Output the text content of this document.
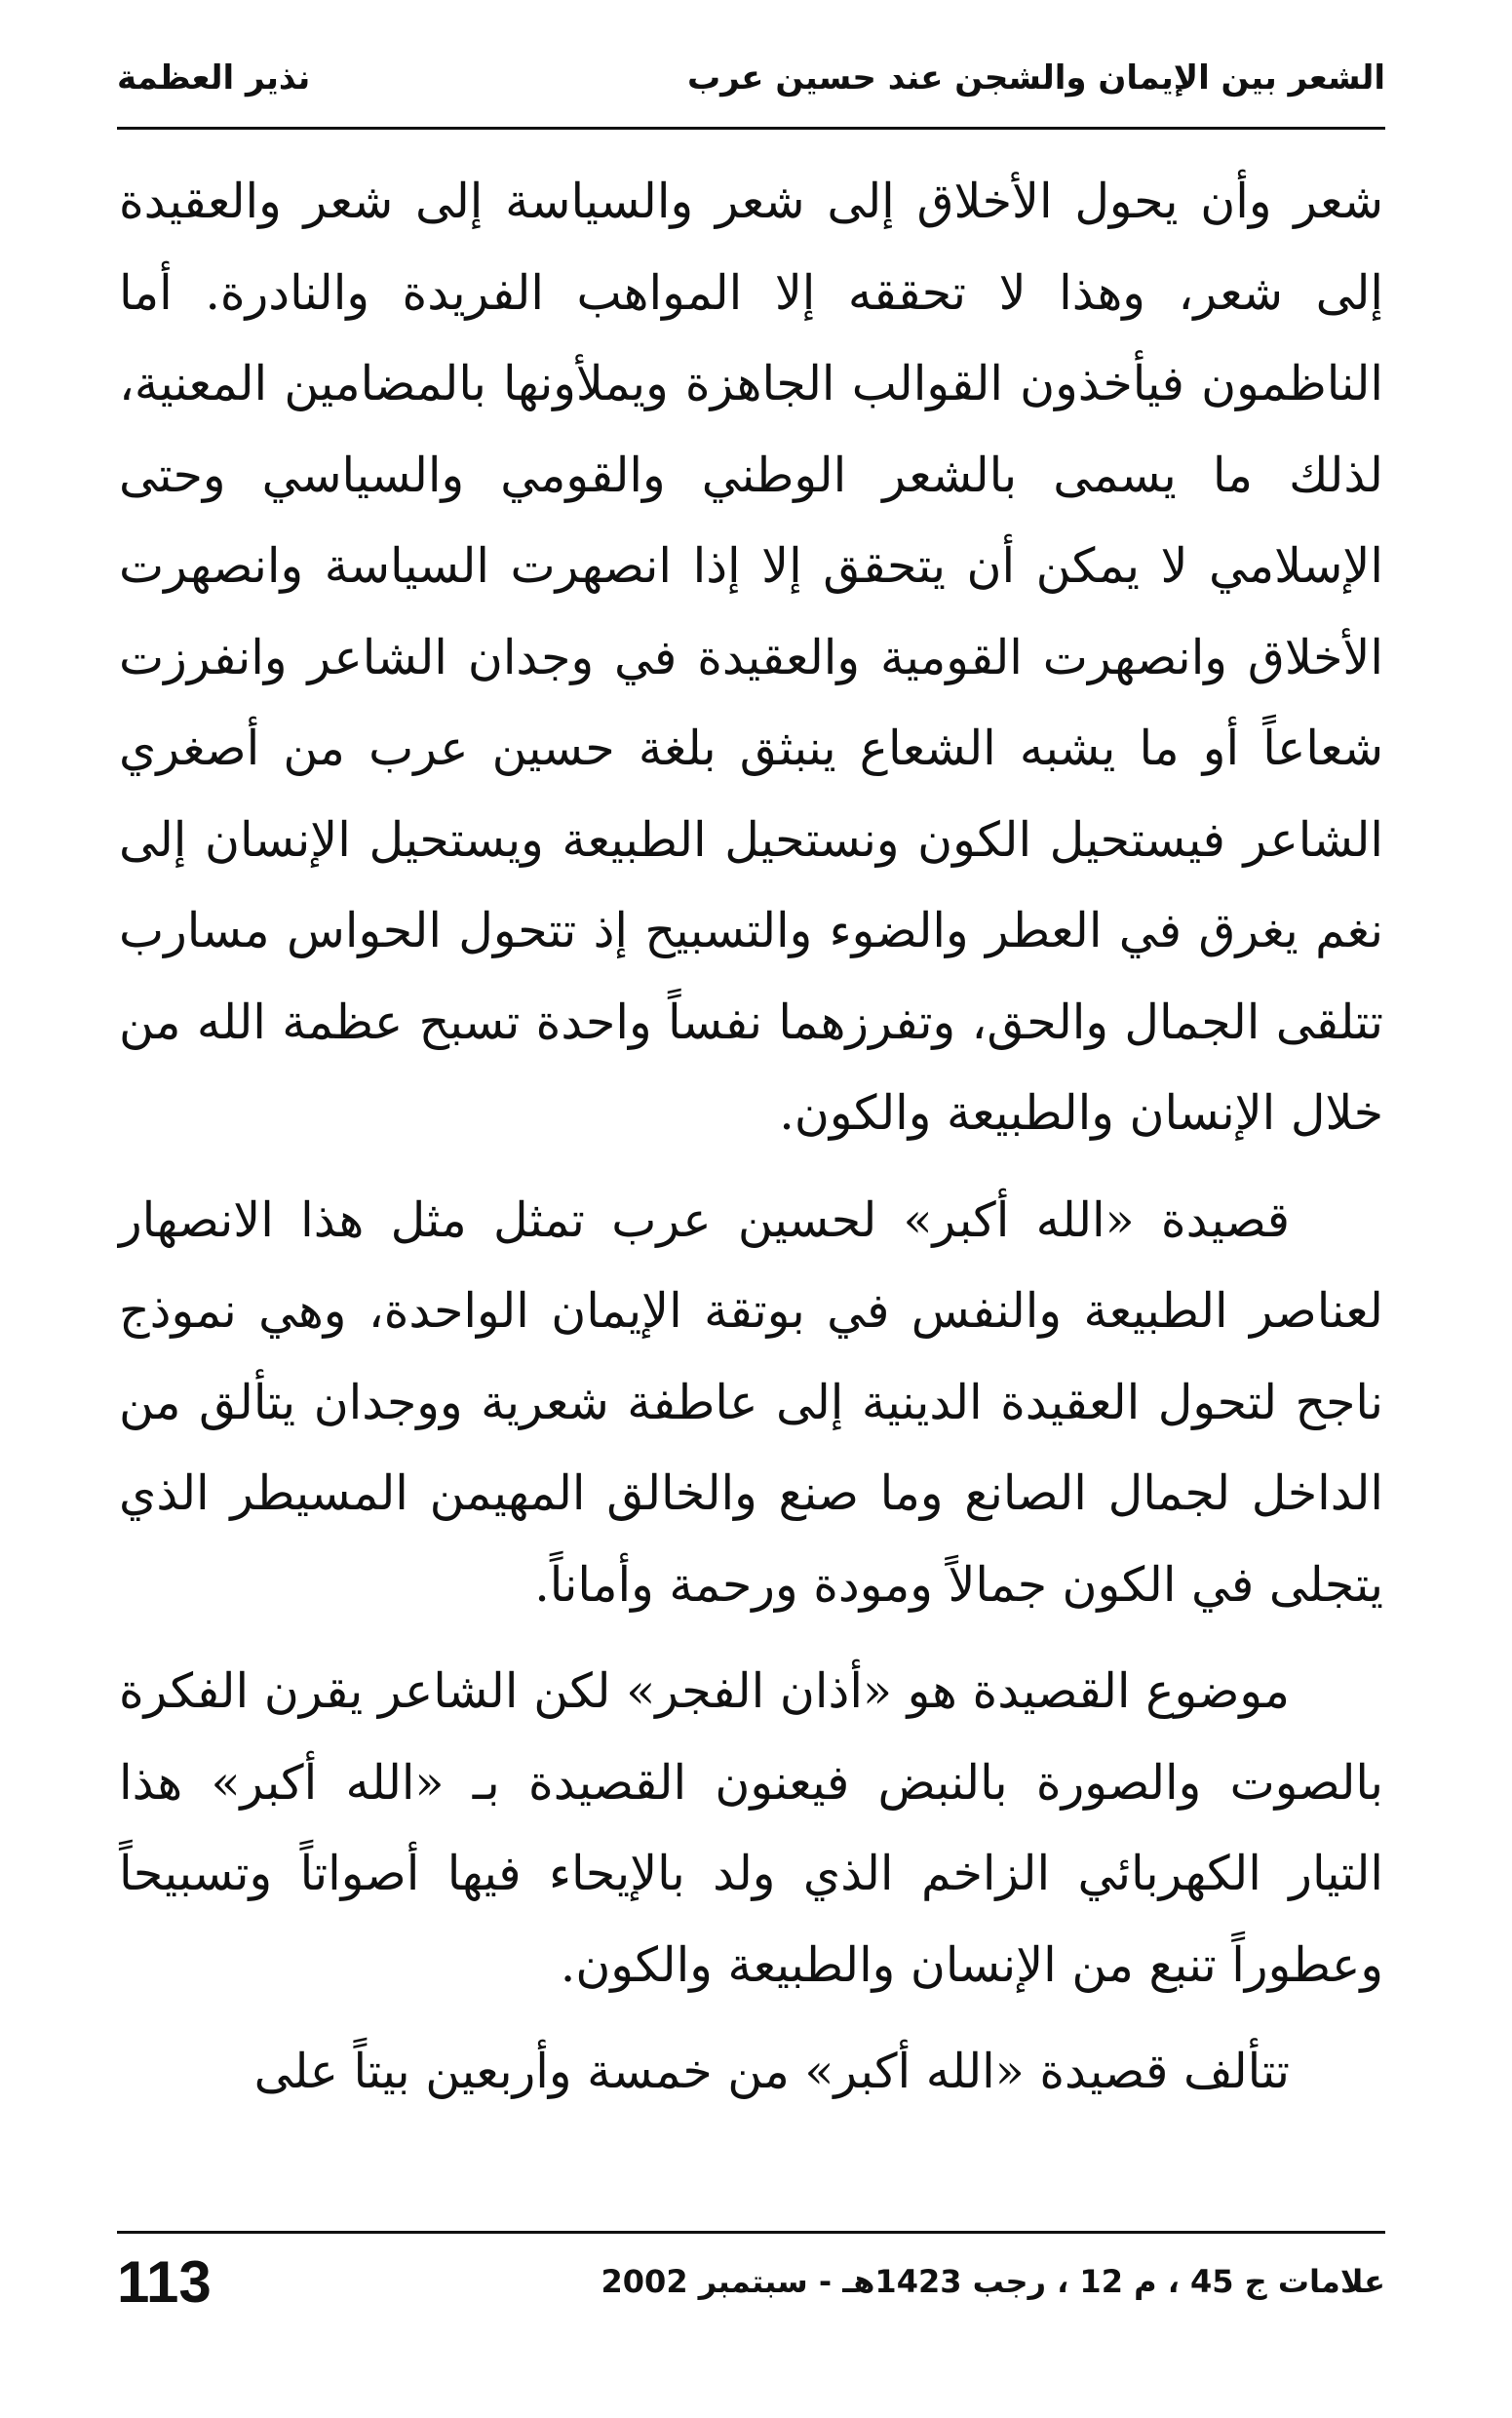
الشعر بين الإيمان والشجن عند حسين عرب
نذير العظمة

شعر وأن يحول الأخلاق إلى شعر والسياسة إلى شعر والعقيدة إلى شعر، وهذا لا تحققه إلا المواهب الفريدة والنادرة. أما الناظمون فيأخذون القوالب الجاهزة ويملأونها بالمضامين المعنية، لذلك ما يسمى بالشعر الوطني والقومي والسياسي وحتى الإسلامي لا يمكن أن يتحقق إلا إذا انصهرت السياسة وانصهرت الأخلاق وانصهرت القومية والعقيدة في وجدان الشاعر وانفرزت شعاعاً أو ما يشبه الشعاع ينبثق بلغة حسين عرب من أصغري الشاعر فيستحيل الكون ونستحيل الطبيعة ويستحيل الإنسان إلى نغم يغرق في العطر والضوء والتسبيح إذ تتحول الحواس مسارب تتلقى الجمال والحق، وتفرزهما نفساً واحدة تسبح عظمة الله من خلال الإنسان والطبيعة والكون.

قصيدة «الله أكبر» لحسين عرب تمثل مثل هذا الانصهار لعناصر الطبيعة والنفس في بوتقة الإيمان الواحدة، وهي نموذج ناجح لتحول العقيدة الدينية إلى عاطفة شعرية ووجدان يتألق من الداخل لجمال الصانع وما صنع والخالق المهيمن المسيطر الذي يتجلى في الكون جمالاً ومودة ورحمة وأماناً.

موضوع القصيدة هو «أذان الفجر» لكن الشاعر يقرن الفكرة بالصوت والصورة بالنبض فيعنون القصيدة بـ «الله أكبر» هذا التيار الكهربائي الزاخم الذي ولد بالإيحاء فيها أصواتاً وتسبيحاً وعطوراً تنبع من الإنسان والطبيعة والكون.

تتألف قصيدة «الله أكبر» من خمسة وأربعين بيتاً على

علامات ج 45 ، م 12 ، رجب 1423هـ - سبتمبر 2002
113
